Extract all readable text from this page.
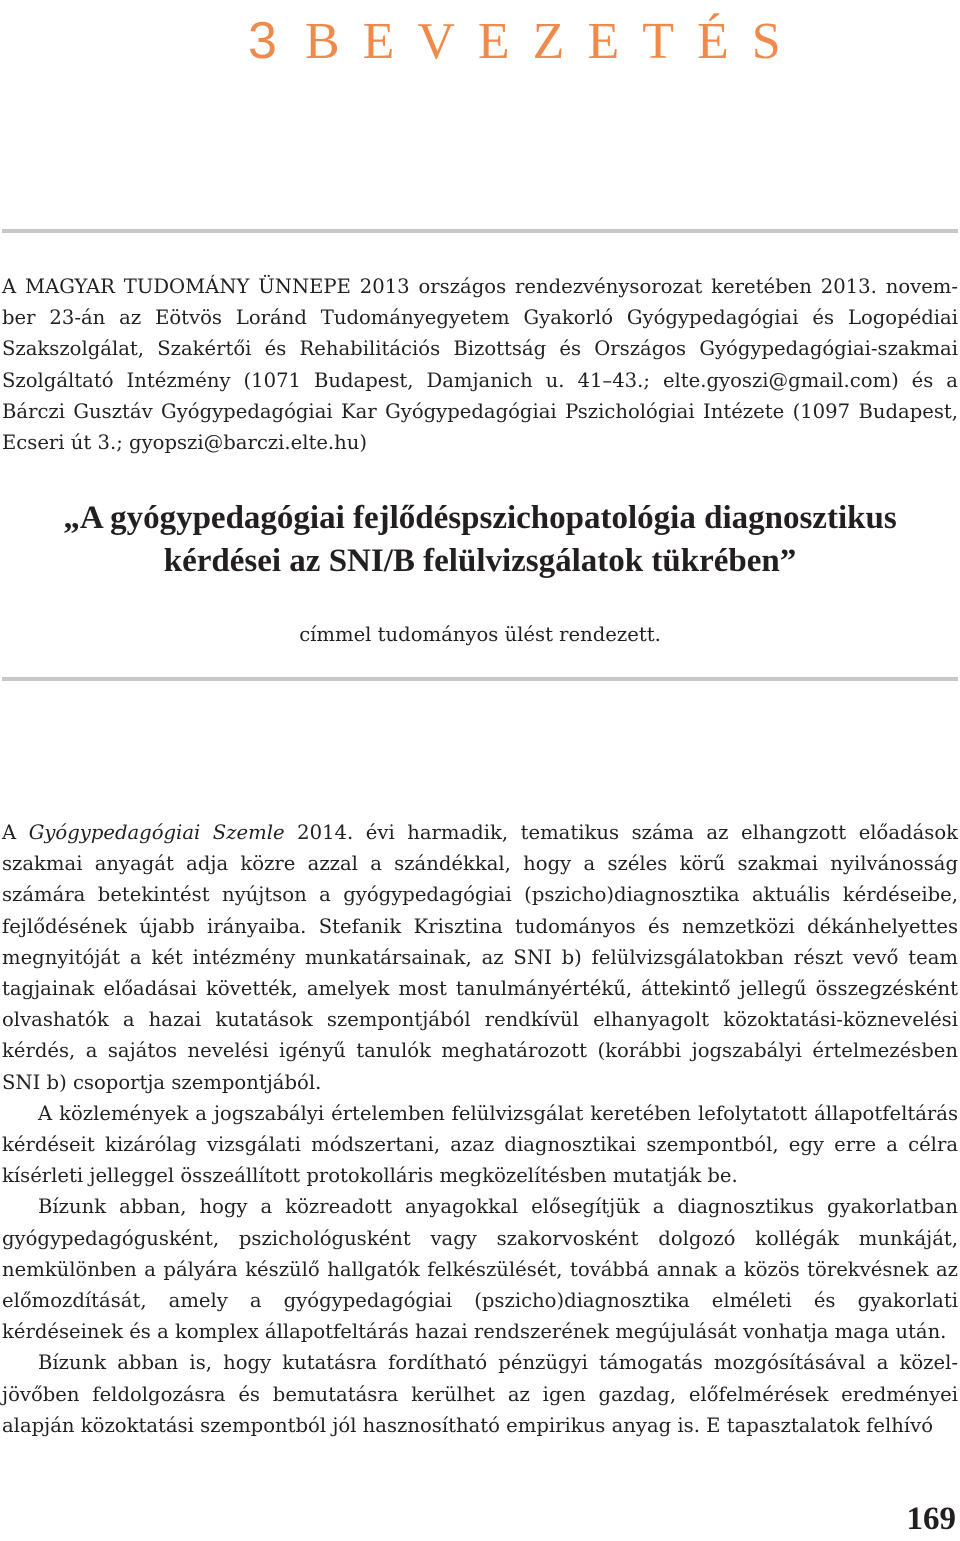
3 BEVEZETÉS

A MAGYAR TUDOMÁNY ÜNNEPE 2013 országos rendezvénysorozat keretében 2013. november 23-án az Eötvös Loránd Tudományegyetem Gyakorló Gyógypedagógiai és Logopédiai Szakszolgálat, Szakértői és Rehabilitációs Bizottság és Országos Gyógypedagógiai-szakmai Szolgáltató Intézmény (1071 Budapest, Damjanich u. 41–43.; elte.gyoszi@gmail.com) és a Bárczi Gusztáv Gyógypedagógiai Kar Gyógypedagógiai Pszichológiai Intézete (1097 Budapest, Ecseri út 3.; gyopszi@barczi.elte.hu)

„A gyógypedagógiai fejlődéspszichopatológia diagnosztikus
kérdései az SNI/B felülvizsgálatok tükrében”

címmel tudományos ülést rendezett.

A Gyógypedagógiai Szemle 2014. évi harmadik, tematikus száma az elhangzott előadások szakmai anyagát adja közre azzal a szándékkal, hogy a széles körű szakmai nyilvánosság számára betekintést nyújtson a gyógypedagógiai (pszicho)diagnosztika aktuális kérdéseibe, fejlődésének újabb irányaiba. Stefanik Krisztina tudományos és nemzetközi dékánhelyettes megnyitóját a két intézmény munkatársainak, az SNI b) felülvizsgálatokban részt vevő team tagjainak előadásai követték, amelyek most tanulmányértékű, áttekintő jellegű összegzésként olvashatók a hazai kutatások szempontjából rendkívül elhanyagolt közoktatási-köznevelési kérdés, a sajátos nevelési igényű tanulók meghatározott (korábbi jogszabályi értelmezésben SNI b) csoportja szempontjából.

A közlemények a jogszabályi értelemben felülvizsgálat keretében lefolytatott állapotfeltárás kérdéseit kizárólag vizsgálati módszertani, azaz diagnosztikai szempontból, egy erre a célra kísérleti jelleggel összeállított protokolláris megközelítésben mutatják be.

Bízunk abban, hogy a közreadott anyagokkal elősegítjük a diagnosztikus gyakorlatban gyógypedagógusként, pszichológusként vagy szakorvosként dolgozó kollégák munkáját, nemkülönben a pályára készülő hallgatók felkészülését, továbbá annak a közös törekvésnek az előmozdítását, amely a gyógypedagógiai (pszicho)diagnosztika elméleti és gyakorlati kérdéseinek és a komplex állapotfeltárás hazai rendszerének megújulását vonhatja maga után.

Bízunk abban is, hogy kutatásra fordítható pénzügyi támogatás mozgósításával a közeljövőben feldolgozásra és bemutatásra kerülhet az igen gazdag, előfelmérések eredményei alapján közoktatási szempontból jól hasznosítható empirikus anyag is. E tapasztalatok felhívó

169
